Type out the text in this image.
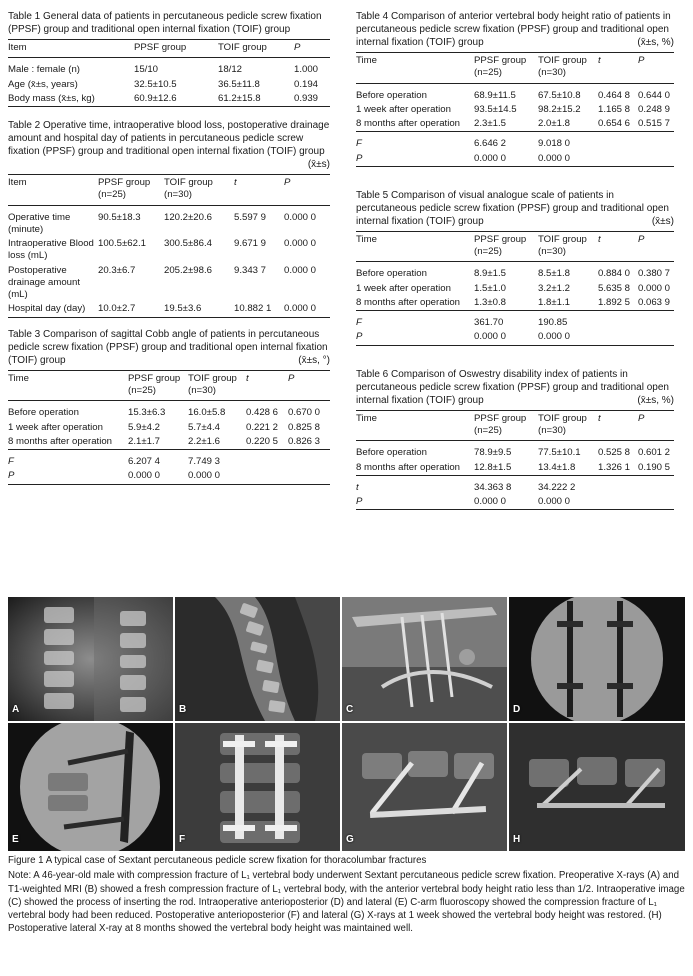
Table 1 General data of patients in percutaneous pedicle screw fixation (PPSF) group and traditional open internal fixation (TOIF) group
Item	PPSF group	TOIF group	P
Male : female (n)	15/10	18/12	1.000
Age (x̄±s, years)	32.5±10.5	36.5±11.8	0.194
Body mass (x̄±s, kg)	60.9±12.6	61.2±15.8	0.939
Table 2 Operative time, intraoperative blood loss, postoperative drainage amount and hospital day of patients in percutaneous pedicle screw fixation (PPSF) group and traditional open internal fixation (TOIF) group
(x̄±s)
Item	PPSF group (n=25)	TOIF group (n=30)	t	P
Operative time (minute)	90.5±18.3	120.2±20.6	5.597 9	0.000 0
Intraoperative Blood loss (mL)	100.5±62.1	300.5±86.4	9.671 9	0.000 0
Postoperative drainage amount (mL)	20.3±6.7	205.2±98.6	9.343 7	0.000 0
Hospital day (day)	10.0±2.7	19.5±3.6	10.882 1	0.000 0
Table 3 Comparison of sagittal Cobb angle of patients in percutaneous pedicle screw fixation (PPSF) group and traditional open internal fixation (TOIF) group	(x̄±s, °)
Time	PPSF group (n=25)	TOIF group (n=30)	t	P
Before operation	15.3±6.3	16.0±5.8	0.428 6	0.670 0
1 week after operation	5.9±4.2	5.7±4.4	0.221 2	0.825 8
8 months after operation	2.1±1.7	2.2±1.6	0.220 5	0.826 3
F	6.207 4	7.749 3		
P	0.000 0	0.000 0		
Table 4 Comparison of anterior vertebral body height ratio of patients in percutaneous pedicle screw fixation (PPSF) group and traditional open internal fixation (TOIF) group	(x̄±s, %)
Time	PPSF group (n=25)	TOIF group (n=30)	t	P
Before operation	68.9±11.5	67.5±10.8	0.464 8	0.644 0
1 week after operation	93.5±14.5	98.2±15.2	1.165 8	0.248 9
8 months after operation	2.3±1.5	2.0±1.8	0.654 6	0.515 7
F	6.646 2	9.018 0		
P	0.000 0	0.000 0		
Table 5 Comparison of visual analogue scale of patients in percutaneous pedicle screw fixation (PPSF) group and traditional open internal fixation (TOIF) group	(x̄±s)
Time	PPSF group (n=25)	TOIF group (n=30)	t	P
Before operation	8.9±1.5	8.5±1.8	0.884 0	0.380 7
1 week after operation	1.5±1.0	3.2±1.2	5.635 8	0.000 0
8 months after operation	1.3±0.8	1.8±1.1	1.892 5	0.063 9
F	361.70	190.85		
P	0.000 0	0.000 0		
Table 6 Comparison of Oswestry disability index of patients in percutaneous pedicle screw fixation (PPSF) group and traditional open internal fixation (TOIF) group	(x̄±s, %)
Time	PPSF group (n=25)	TOIF group (n=30)	t	P
Before operation	78.9±9.5	77.5±10.1	0.525 8	0.601 2
8 months after operation	12.8±1.5	13.4±1.8	1.326 1	0.190 5
t	34.363 8	34.222 2		
P	0.000 0	0.000 0		
A	B	C	D
E	F	G	H
Figure 1 A typical case of Sextant percutaneous pedicle screw fixation for thoracolumbar fractures
Note: A 46-year-old male with compression fracture of L₁ vertebral body underwent Sextant percutaneous pedicle screw fixation. Preoperative X-rays (A) and T1-weighted MRI (B) showed a fresh compression fracture of L₁ vertebral body, with the anterior vertebral body height ratio less than 1/2. Intraoperative image (C) showed the process of inserting the rod. Intraoperative anterioposterior (D) and lateral (E) C-arm fluoroscopy showed the compression fracture of L₁ vertebral body had been reduced. Postoperative anterioposterior (F) and lateral (G) X-rays at 1 week showed the vertebral body height was restored. (H) Postoperative lateral X-ray at 8 months showed the vertebral body height was maintained well.
